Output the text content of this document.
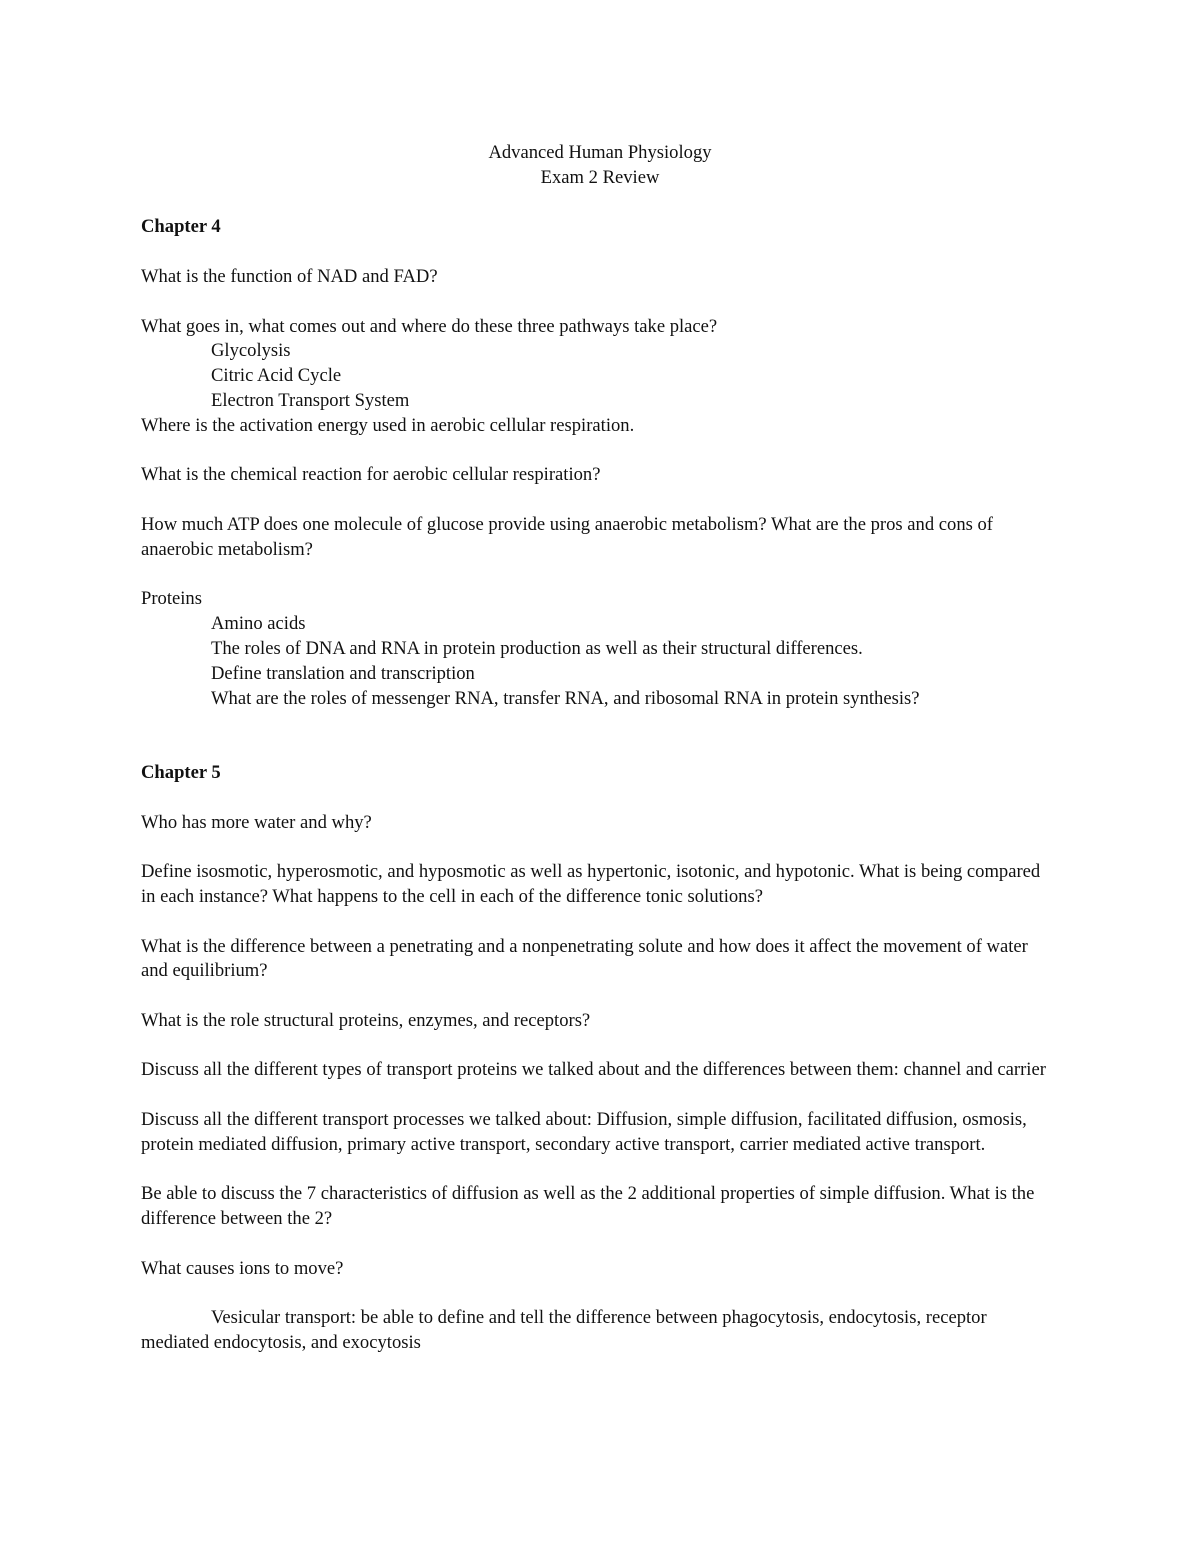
Advanced Human Physiology
Exam 2 Review
Chapter 4
What is the function of NAD and FAD?
What goes in, what comes out and where do these three pathways take place?
Glycolysis
Citric Acid Cycle
Electron Transport System
Where is the activation energy used in aerobic cellular respiration.
What is the chemical reaction for aerobic cellular respiration?
How much ATP does one molecule of glucose provide using anaerobic metabolism? What are the pros and cons of anaerobic metabolism?
Proteins
Amino acids
The roles of DNA and RNA in protein production as well as their structural differences.
Define translation and transcription
What are the roles of messenger RNA, transfer RNA, and ribosomal RNA in protein synthesis?
Chapter 5
Who has more water and why?
Define isosmotic, hyperosmotic, and hyposmotic as well as hypertonic, isotonic, and hypotonic. What is being compared in each instance? What happens to the cell in each of the difference tonic solutions?
What is the difference between a penetrating and a nonpenetrating solute and how does it affect the movement of water and equilibrium?
What is the role structural proteins, enzymes, and receptors?
Discuss all the different types of transport proteins we talked about and the differences between them: channel and carrier
Discuss all the different transport processes we talked about: Diffusion, simple diffusion, facilitated diffusion, osmosis, protein mediated diffusion, primary active transport, secondary active transport, carrier mediated active transport.
Be able to discuss the 7 characteristics of diffusion as well as the 2 additional properties of simple diffusion. What is the difference between the 2?
What causes ions to move?
Vesicular transport: be able to define and tell the difference between phagocytosis, endocytosis, receptor mediated endocytosis, and exocytosis
